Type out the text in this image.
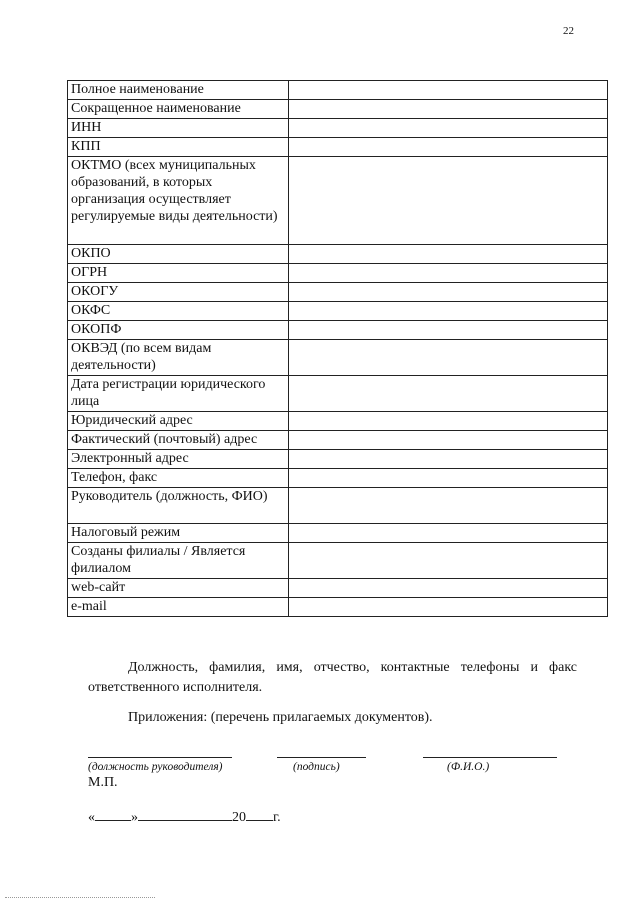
22
Полное наименование	
Сокращенное наименование	
ИНН	
КПП	
ОКТМО (всех муниципальных образований, в которых организация осуществляет регулируемые виды деятельности)	
ОКПО	
ОГРН	
ОКОГУ	
ОКФС	
ОКОПФ	
ОКВЭД (по всем видам деятельности)	
Дата регистрации юридического лица	
Юридический адрес	
Фактический (почтовый) адрес	
Электронный адрес	
Телефон, факс	
Руководитель (должность, ФИО)	
Налоговый режим	
Созданы филиалы / Является филиалом	
web-сайт	
e-mail	

Должность, фамилия, имя, отчество, контактные телефоны и факс ответственного исполнителя.

Приложения: (перечень прилагаемых документов).

(должность руководителя)	(подпись)	(Ф.И.О.)
М.П.
«	»	20 г.
